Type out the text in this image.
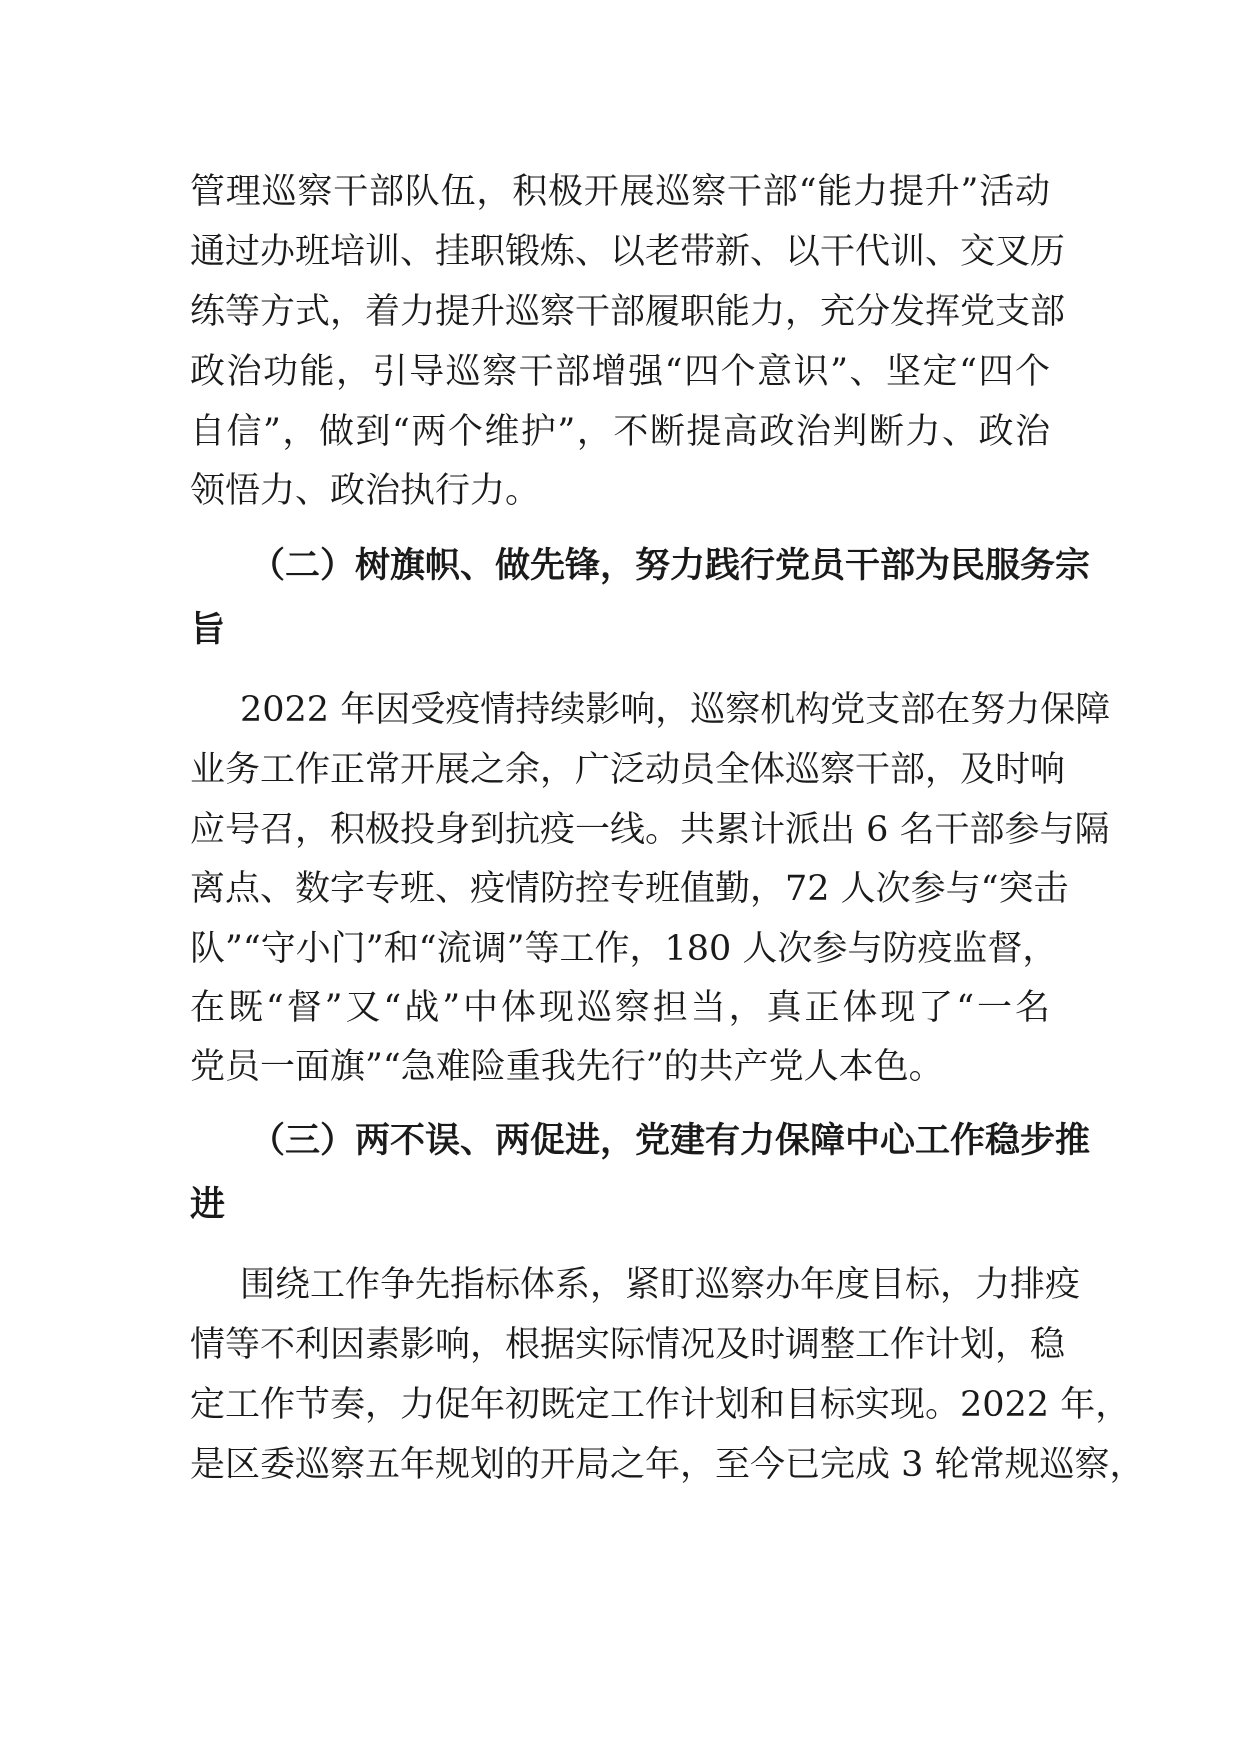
管理巡察干部队伍，积极开展巡察干部“能力提升”活动
通过办班培训、挂职锻炼、以老带新、以干代训、交叉历
练等方式，着力提升巡察干部履职能力，充分发挥党支部
政治功能，引导巡察干部增强“四个意识”、坚定“四个
自信”，做到“两个维护”，不断提高政治判断力、政治
领悟力、政治执行力。
（二）树旗帜、做先锋，努力践行党员干部为民服务宗
旨
2022 年因受疫情持续影响，巡察机构党支部在努力保障
业务工作正常开展之余，广泛动员全体巡察干部，及时响
应号召，积极投身到抗疫一线。共累计派出 6 名干部参与隔
离点、数字专班、疫情防控专班值勤，72 人次参与“突击
队”“守小门”和“流调”等工作，180 人次参与防疫监督，
在既“督”又“战”中体现巡察担当，真正体现了“一名
党员一面旗”“急难险重我先行”的共产党人本色。
（三）两不误、两促进，党建有力保障中心工作稳步推
进
围绕工作争先指标体系，紧盯巡察办年度目标，力排疫
情等不利因素影响，根据实际情况及时调整工作计划，稳
定工作节奏，力促年初既定工作计划和目标实现。2022 年，
是区委巡察五年规划的开局之年，至今已完成 3 轮常规巡察，
